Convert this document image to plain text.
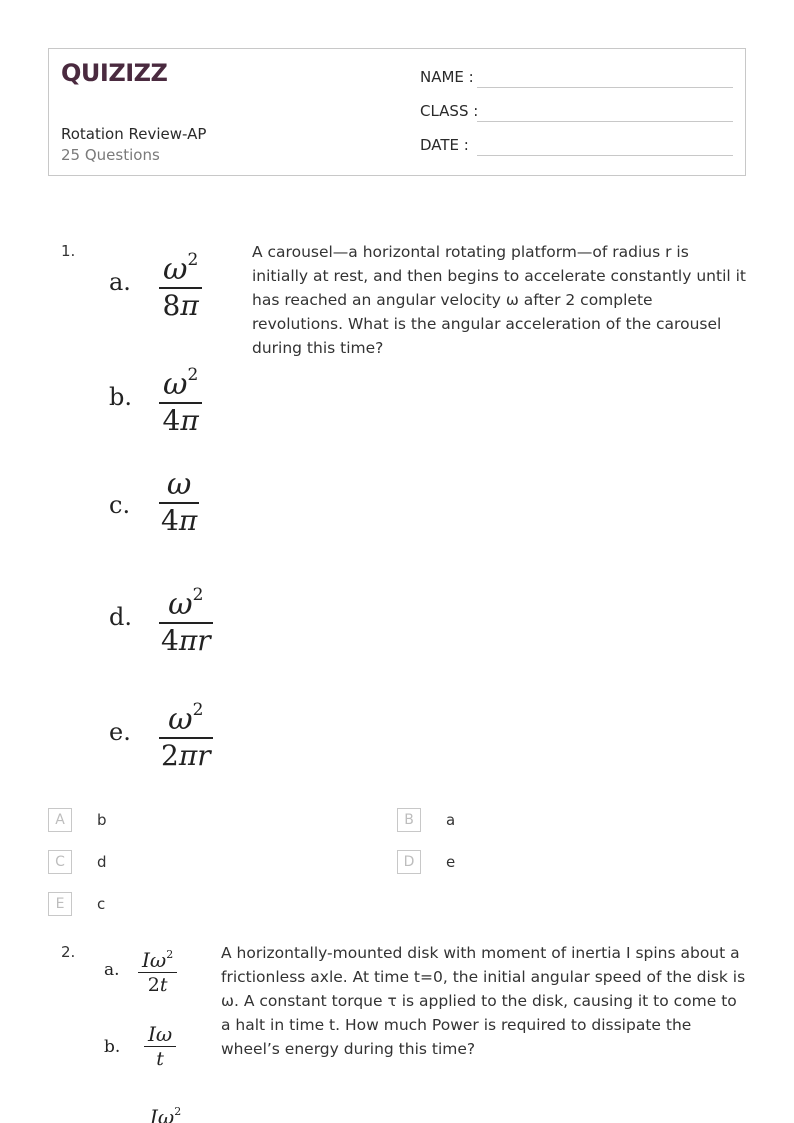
QUIZIZZ
Rotation Review-AP
25 Questions
NAME :
CLASS :
DATE :
1.	A carousel—a horizontal rotating platform—of radius r is initially at rest, and then begins to accelerate constantly until it has reached an angular velocity ω after 2 complete revolutions. What is the angular acceleration of the carousel during this time?
a. $\omega^2$
8π
b. $\omega^2$
4π
c.
ω
4π
d. $\omega^2$
4πr
e. $\omega^2$
2πr
A	b	B	a
C	d	D	e
E	c
2.	A horizontally-mounted disk with moment of inertia I spins about a frictionless axle. At time t=0, the initial angular speed of the disk is ω. A constant torque τ is applied to the disk, causing it to come to a halt in time t. How much Power is required to dissipate the wheel’s energy during this time?
a. $I\omega^2$
2t
b.
Iω
t
$I\omega^2$
